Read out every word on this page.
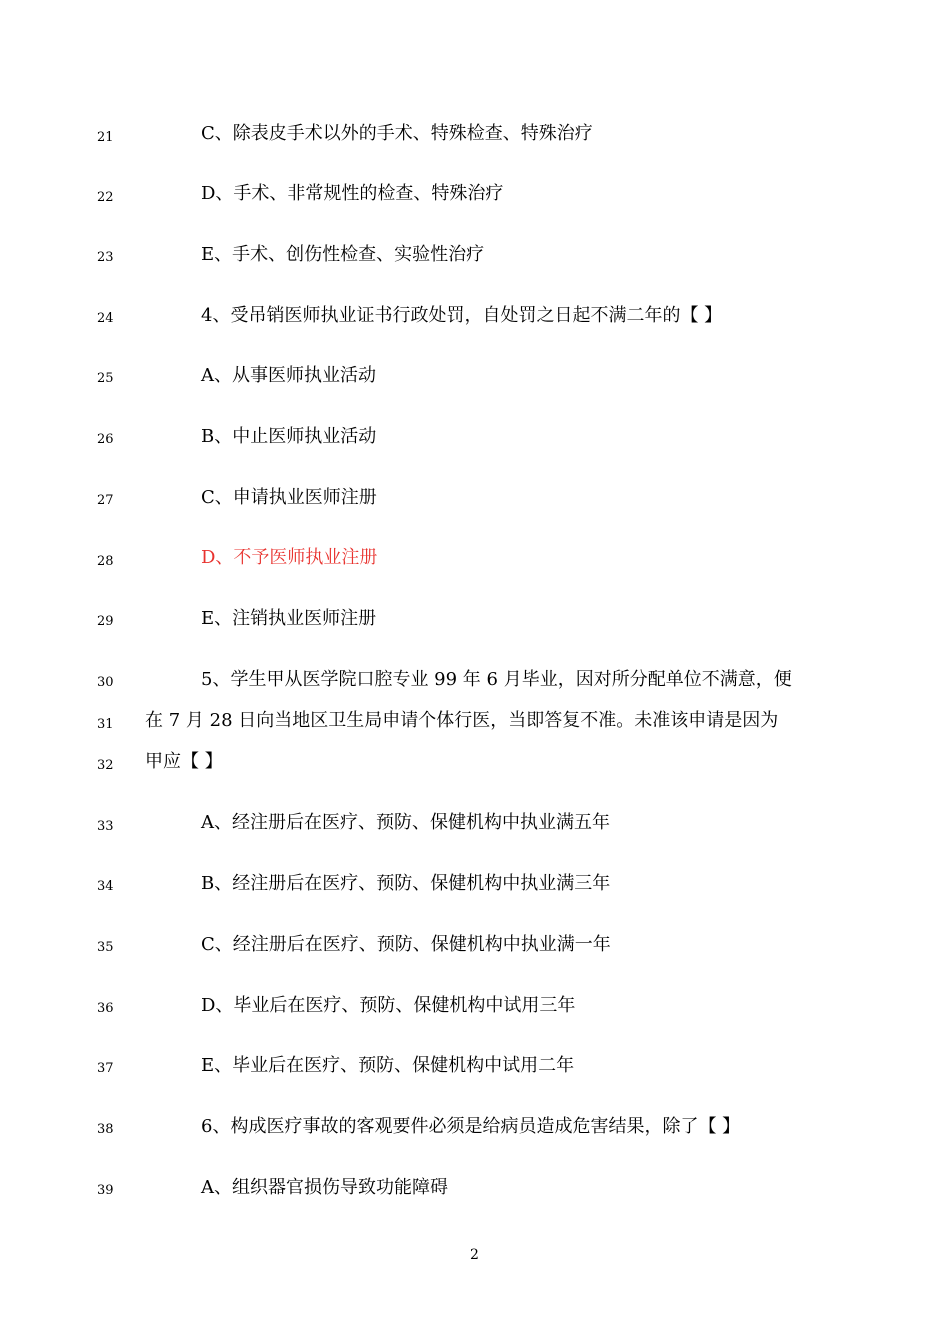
21	C、除表皮手术以外的手术、特殊检查、特殊治疗
22	D、手术、非常规性的检查、特殊治疗
23	E、手术、创伤性检查、实验性治疗
24	4、受吊销医师执业证书行政处罚，自处罚之日起不满二年的【 】
25	A、从事医师执业活动
26	B、中止医师执业活动
27	C、申请执业医师注册
28	D、不予医师执业注册
29	E、注销执业医师注册
30	5、学生甲从医学院口腔专业 99 年 6 月毕业，因对所分配单位不满意，便
31	在 7 月 28 日向当地区卫生局申请个体行医，当即答复不准。未准该申请是因为
32	甲应【 】
33	A、经注册后在医疗、预防、保健机构中执业满五年
34	B、经注册后在医疗、预防、保健机构中执业满三年
35	C、经注册后在医疗、预防、保健机构中执业满一年
36	D、毕业后在医疗、预防、保健机构中试用三年
37	E、毕业后在医疗、预防、保健机构中试用二年
38	6、构成医疗事故的客观要件必须是给病员造成危害结果，除了【 】
39	A、组织器官损伤导致功能障碍
2
